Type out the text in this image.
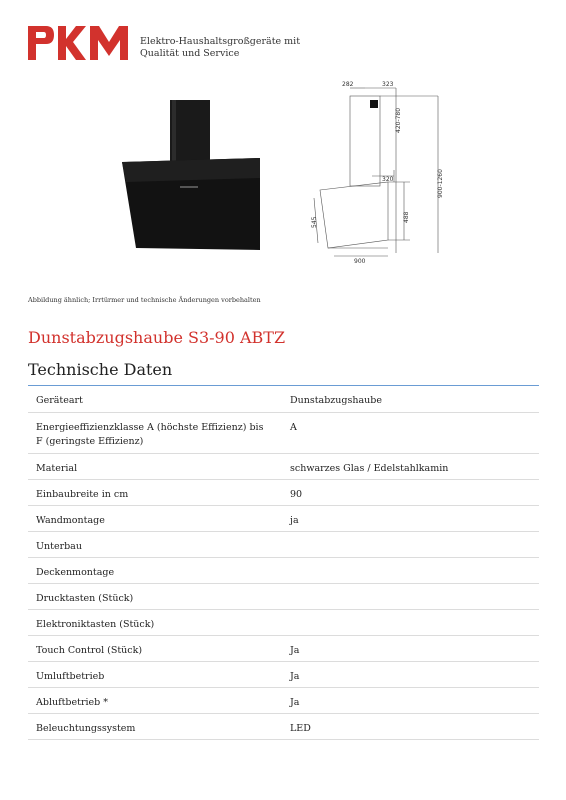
Elektro-Haushaltsgroßgeräte mit
Qualität und Service
282	323
420-780
900-1260
320
488
545
900
Abbildung ähnlich; Irrtürmer und technische Änderungen vorbehalten
Dunstabzugshaube S3-90 ABTZ
Technische Daten
Geräteart	Dunstabzugshaube
Energieeffizienzklasse A (höchste Effizienz) bis F (geringste Effizienz)	A
Material	schwarzes Glas / Edelstahlkamin
Einbaubreite in cm	90
Wandmontage	ja
Unterbau	
Deckenmontage	
Drucktasten (Stück)	
Elektroniktasten (Stück)	
Touch Control (Stück)	Ja
Umluftbetrieb	Ja
Abluftbetrieb *	Ja
Beleuchtungssystem	LED
